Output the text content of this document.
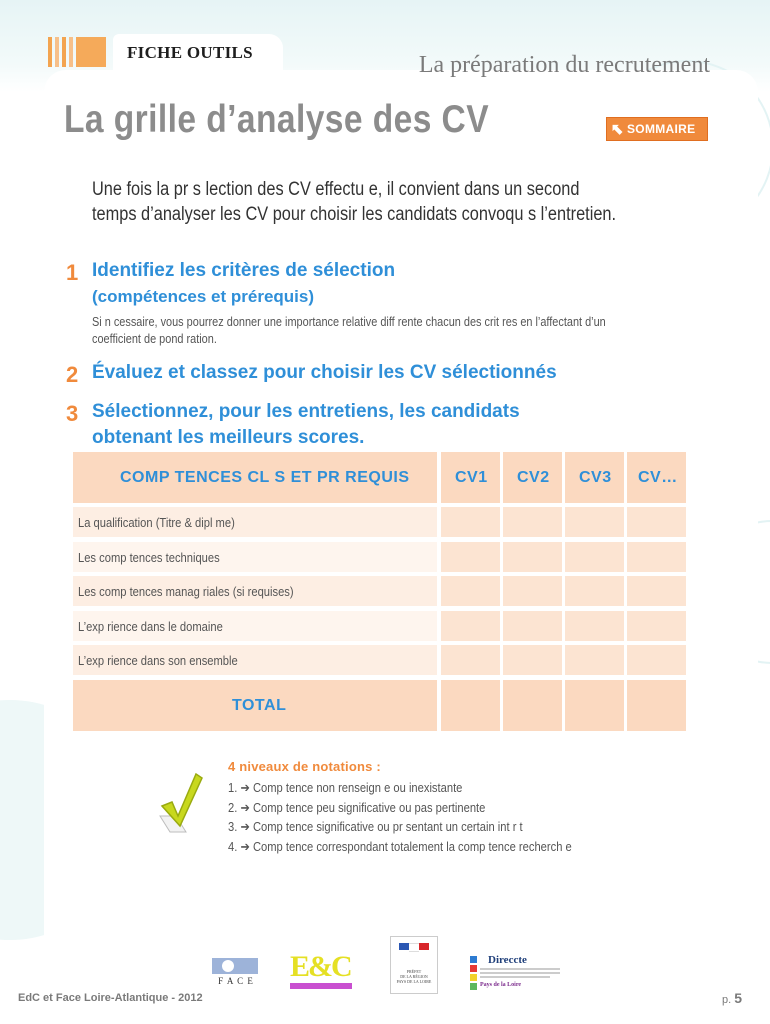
FICHE OUTILS	La préparation du recrutement
La grille d’analyse des CV	⬉ SOMMAIRE
Une fois la pr s lection des CV effectu e, il convient dans un second
temps d’analyser les CV pour choisir les candidats convoqu s l’entretien.
1 Identifiez les critères de sélection
(compétences et prérequis)
Si n cessaire, vous pourrez donner une importance relative diff rente chacun des crit res en l’affectant d’un
coefficient de pond ration.
2 Évaluez et classez pour choisir les CV sélectionnés
3 Sélectionnez, pour les entretiens, les candidats
obtenant les meilleurs scores.
COMP TENCES CL S ET PR REQUIS	CV1 CV2 CV3 CV…
La qualification (Titre & dipl me)
Les comp tences techniques
Les comp tences manag riales (si requises)
L’exp rience dans le domaine
L’exp rience dans son ensemble
TOTAL
4 niveaux de notations :
1. ➔ Comp tence non renseign e ou inexistante
2. ➔ Comp tence peu significative ou pas pertinente
3. ➔ Comp tence significative ou pr sentant un certain int r t
4. ➔ Comp tence correspondant totalement la comp tence recherch e
F A C E	E&C	PRÉFET
DE LA RÉGION
PAYS DE LA LOIRE
Direccte
Pays de la Loire
EdC et Face Loire-Atlantique - 2012	p. 5
